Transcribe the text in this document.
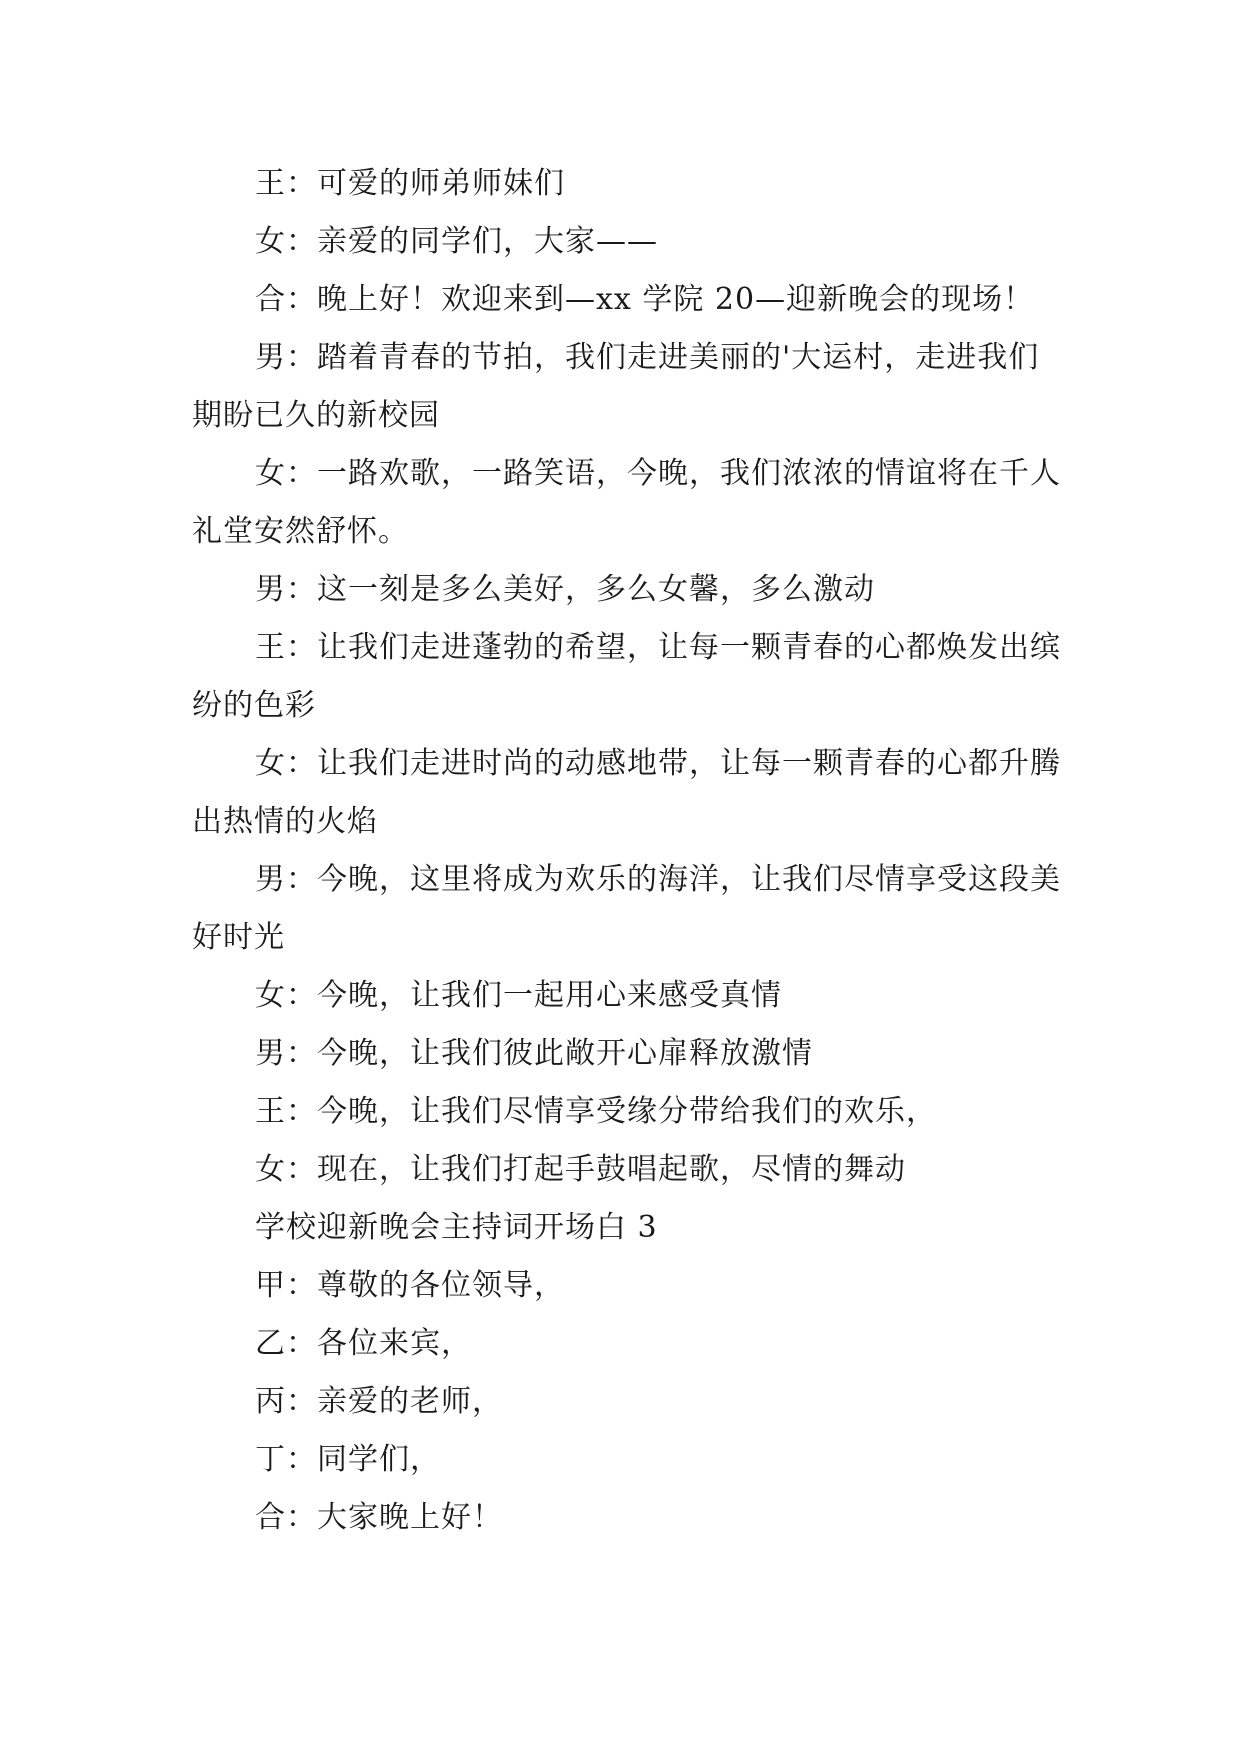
王：可爱的师弟师妹们

女：亲爱的同学们，大家——

合：晚上好！欢迎来到—xx 学院 20—迎新晚会的现场！

男：踏着青春的节拍，我们走进美丽的'大运村，走进我们期盼已久的新校园

女：一路欢歌，一路笑语，今晚，我们浓浓的情谊将在千人礼堂安然舒怀。

男：这一刻是多么美好，多么女馨，多么激动

王：让我们走进蓬勃的希望，让每一颗青春的心都焕发出缤纷的色彩

女：让我们走进时尚的动感地带，让每一颗青春的心都升腾出热情的火焰

男：今晚，这里将成为欢乐的海洋，让我们尽情享受这段美好时光

女：今晚，让我们一起用心来感受真情

男：今晚，让我们彼此敞开心扉释放激情

王：今晚，让我们尽情享受缘分带给我们的欢乐，

女：现在，让我们打起手鼓唱起歌，尽情的舞动

学校迎新晚会主持词开场白 3

甲：尊敬的各位领导，

乙：各位来宾，

丙：亲爱的老师，

丁：同学们，

合：大家晚上好！
